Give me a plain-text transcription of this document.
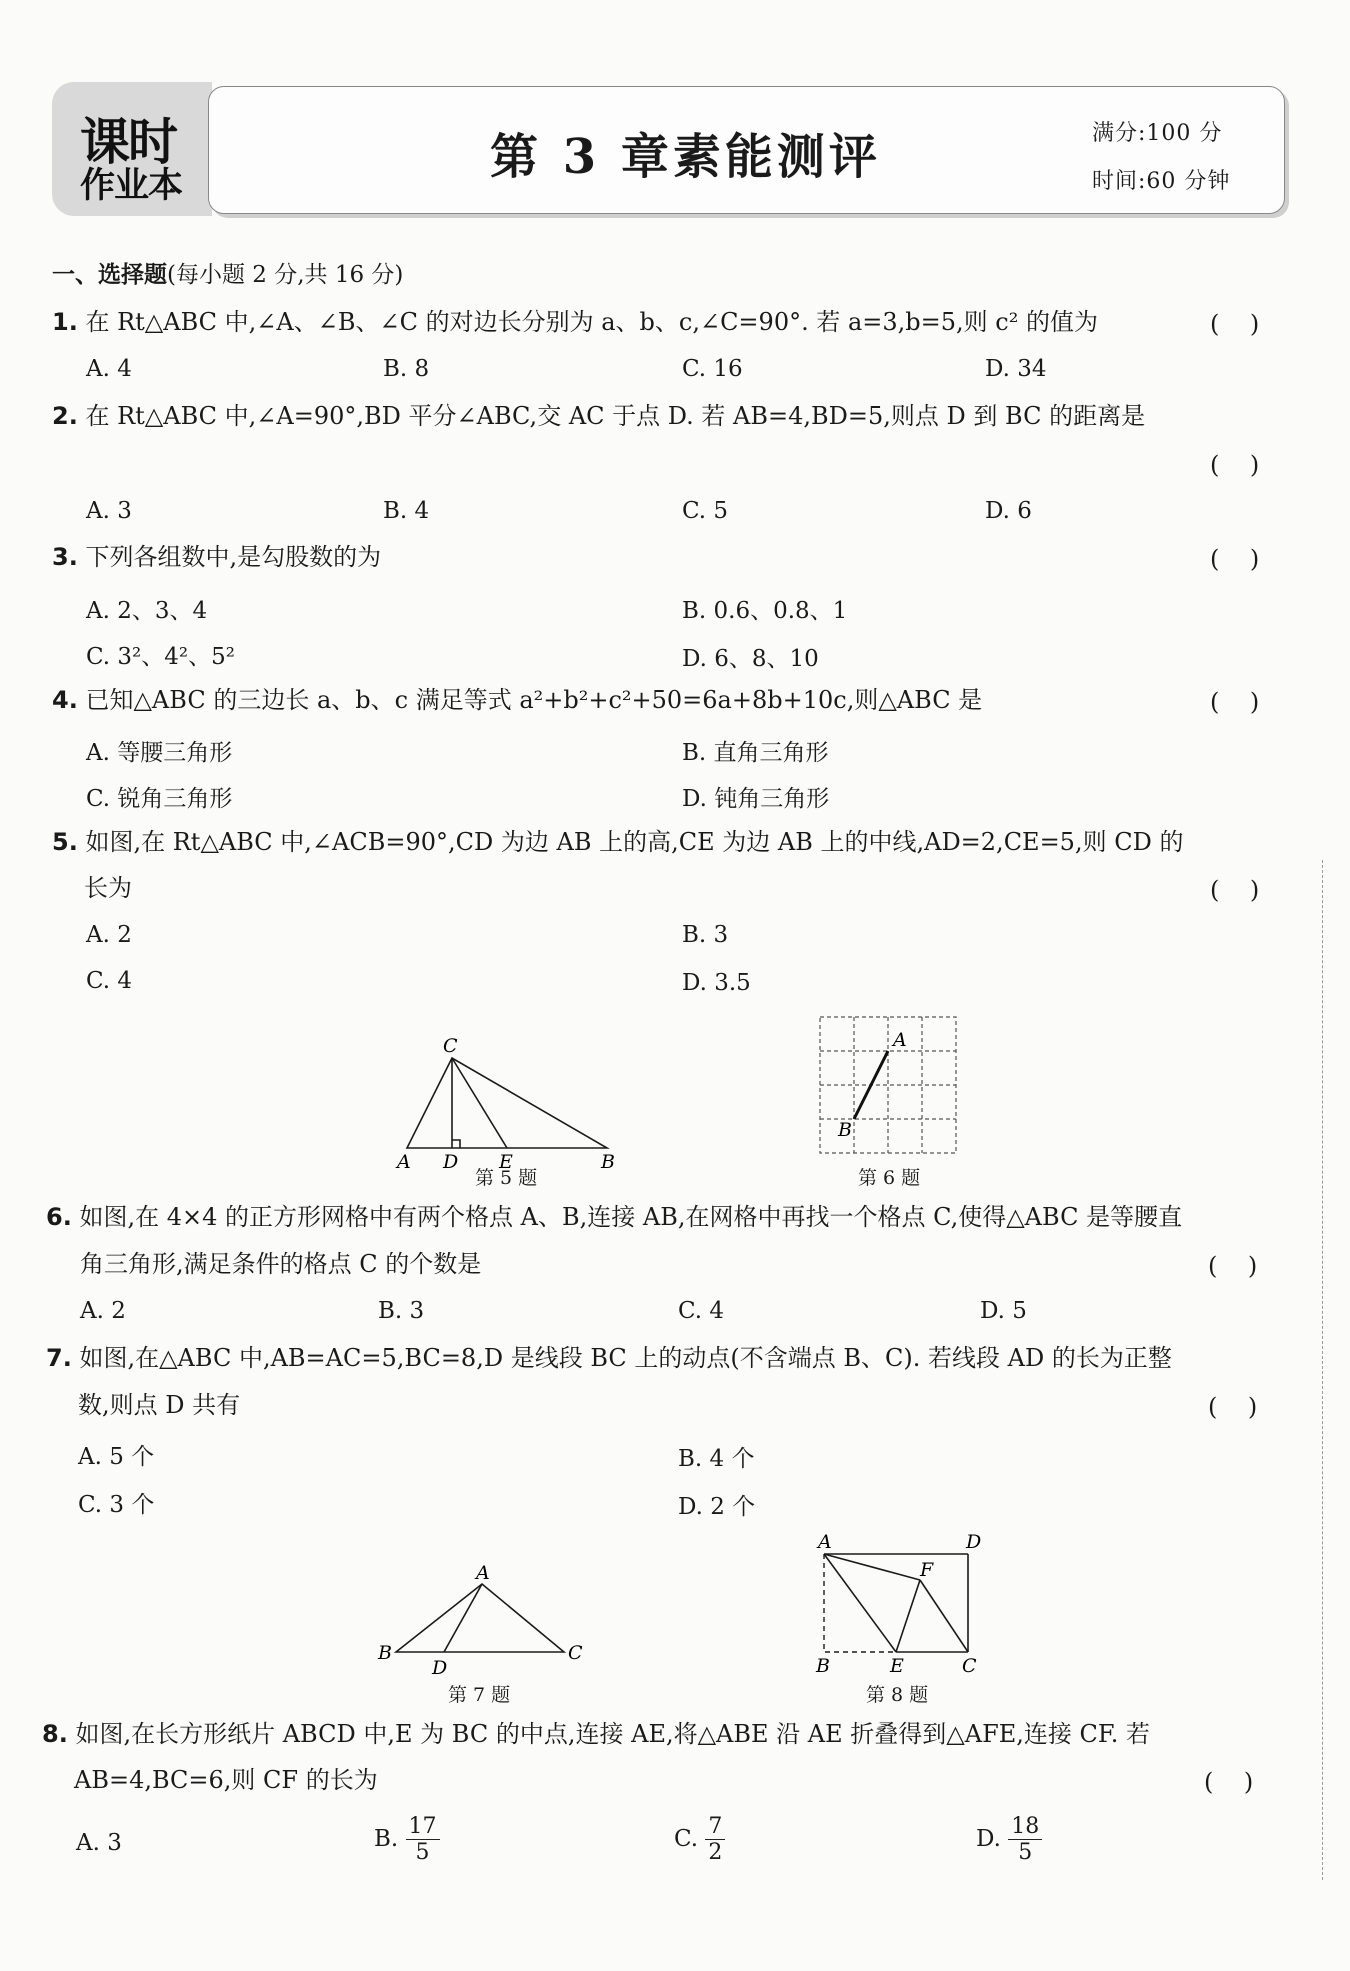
课时
作业本
第 3 章素能测评	满分:100 分
时间:60 分钟
一、选择题(每小题 2 分,共 16 分)
1. 在 Rt△ABC 中,∠A、∠B、∠C 的对边长分别为 a、b、c,∠C=90°. 若 a=3,b=5,则 c² 的值为	(    )
A. 4	B. 8	C. 16	D. 34
2. 在 Rt△ABC 中,∠A=90°,BD 平分∠ABC,交 AC 于点 D. 若 AB=4,BD=5,则点 D 到 BC 的距离是
(    )
A. 3	B. 4	C. 5	D. 6
3. 下列各组数中,是勾股数的为	(    )
A. 2、3、4	B. 0.6、0.8、1
C. 3²、4²、5²	D. 6、8、10
4. 已知△ABC 的三边长 a、b、c 满足等式 a²+b²+c²+50=6a+8b+10c,则△ABC 是	(    )
A. 等腰三角形	B. 直角三角形
C. 锐角三角形	D. 钝角三角形
5. 如图,在 Rt△ABC 中,∠ACB=90°,CD 为边 AB 上的高,CE 为边 AB 上的中线,AD=2,CE=5,则 CD 的
长为	(    )
A. 2	B. 3
C. 4	D. 3.5
C
A D E	B
第 5 题
A
B
第 6 题
6. 如图,在 4×4 的正方形网格中有两个格点 A、B,连接 AB,在网格中再找一个格点 C,使得△ABC 是等腰直
角三角形,满足条件的格点 C 的个数是	(    )
A. 2	B. 3	C. 4	D. 5
7. 如图,在△ABC 中,AB=AC=5,BC=8,D 是线段 BC 上的动点(不含端点 B、C). 若线段 AD 的长为正整
数,则点 D 共有	(    )
A. 5 个	B. 4 个
C. 3 个	D. 2 个
A
B	C
D
第 7 题
A	D
F
B	E	C
第 8 题
8. 如图,在长方形纸片 ABCD 中,E 为 BC 的中点,连接 AE,将△ABE 沿 AE 折叠得到△AFE,连接 CF. 若
AB=4,BC=6,则 CF 的长为	(    )
A. 3	B. $\frac{17}{5}$	C. $\frac{7}{2}$	D. $\frac{18}{5}$
